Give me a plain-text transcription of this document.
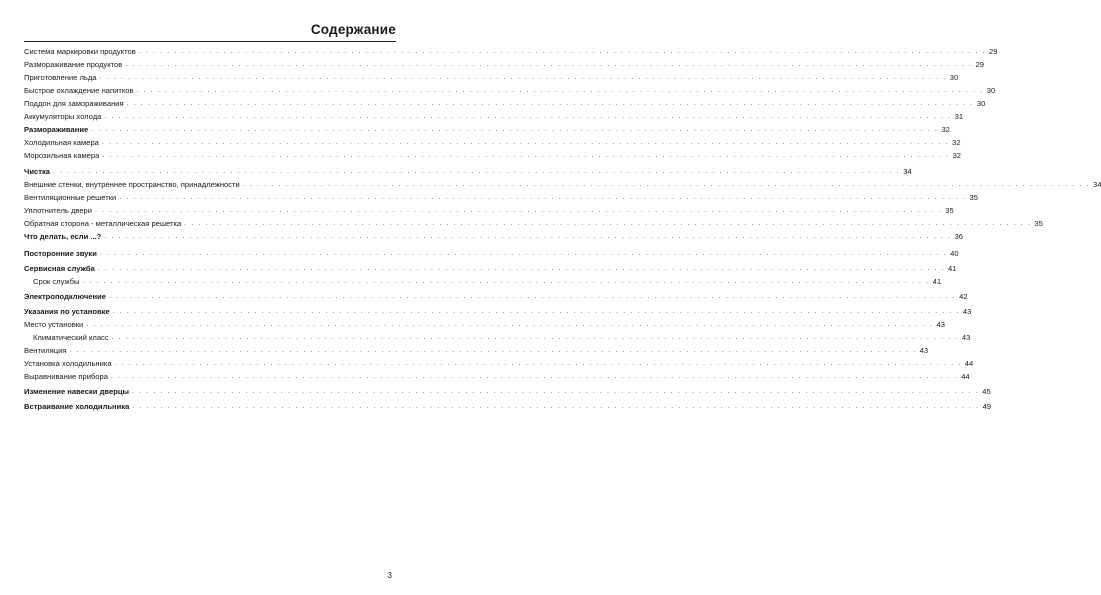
Содержание
Система маркировки продуктов . . . . . . . . . . . . . . . . . . . . . . . . . . . . . . . . . . . . . . . . . . . . . . . . . . . . . . . . . . . . . . . . . . . . . . . . . . . . . . . . . . . . . . . . . . . . . . . . . . . . . . . . . . . . . . . . . . . . . . . . 29
Размораживание продуктов . . . . . . . . . . . . . . . . . . . . . . . . . . . . . . . . . . . . . . . . . . . . . . . . . . . . . . . . . . . . . . . . . . . . . . . . . . . . . . . . . . . . . . . . . . . . . . . . . . . . . . . . . . . . . . . . . . . . . . . . 29
Приготовление льда . . . . . . . . . . . . . . . . . . . . . . . . . . . . . . . . . . . . . . . . . . . . . . . . . . . . . . . . . . . . . . . . . . . . . . . . . . . . . . . . . . . . . . . . . . . . . . . . . . . . . . . . . . . . . . . . . . . . . . . . 30
Быстрое охлаждение напитков . . . . . . . . . . . . . . . . . . . . . . . . . . . . . . . . . . . . . . . . . . . . . . . . . . . . . . . . . . . . . . . . . . . . . . . . . . . . . . . . . . . . . . . . . . . . . . . . . . . . . . . . . . . . . . . . . . . . . . . . 30
Поддон для замораживания . . . . . . . . . . . . . . . . . . . . . . . . . . . . . . . . . . . . . . . . . . . . . . . . . . . . . . . . . . . . . . . . . . . . . . . . . . . . . . . . . . . . . . . . . . . . . . . . . . . . . . . . . . . . . . . . . . . . . . . . 30
Аккумуляторы холода . . . . . . . . . . . . . . . . . . . . . . . . . . . . . . . . . . . . . . . . . . . . . . . . . . . . . . . . . . . . . . . . . . . . . . . . . . . . . . . . . . . . . . . . . . . . . . . . . . . . . . . . . . . . . . . . . . . . . . . . 31
Размораживание . . . . . . . . . . . . . . . . . . . . . . . . . . . . . . . . . . . . . . . . . . . . . . . . . . . . . . . . . . . . . . . . . . . . . . . . . . . . . . . . . . . . . . . . . . . . . . . . . . . . . . . . . . . . . . . . . . . . . . . . 32
Холодильная камера . . . . . . . . . . . . . . . . . . . . . . . . . . . . . . . . . . . . . . . . . . . . . . . . . . . . . . . . . . . . . . . . . . . . . . . . . . . . . . . . . . . . . . . . . . . . . . . . . . . . . . . . . . . . . . . . . . . . . . . . 32
Морозильная камера . . . . . . . . . . . . . . . . . . . . . . . . . . . . . . . . . . . . . . . . . . . . . . . . . . . . . . . . . . . . . . . . . . . . . . . . . . . . . . . . . . . . . . . . . . . . . . . . . . . . . . . . . . . . . . . . . . . . . . . . 32
Чистка . . . . . . . . . . . . . . . . . . . . . . . . . . . . . . . . . . . . . . . . . . . . . . . . . . . . . . . . . . . . . . . . . . . . . . . . . . . . . . . . . . . . . . . . . . . . . . . . . . . . . . . . . . . . . . . . . . . . . . . . 34
Внешние стенки, внутреннее пространство, принадлежности . . . . . . . . . . . . . . . . . . . . . . . . . . . . . . . . . . . . . . . . . . . . . . . . . . . . . . . . . . . . . . . . . . . . . . . . . . . . . . . . . . . . . . . . . . . . . . . . . . . . . . . . . . . . . . . . . . . . . . . . 34
Вентиляционные решетки . . . . . . . . . . . . . . . . . . . . . . . . . . . . . . . . . . . . . . . . . . . . . . . . . . . . . . . . . . . . . . . . . . . . . . . . . . . . . . . . . . . . . . . . . . . . . . . . . . . . . . . . . . . . . . . . . . . . . . . . 35
Уплотнитель двери . . . . . . . . . . . . . . . . . . . . . . . . . . . . . . . . . . . . . . . . . . . . . . . . . . . . . . . . . . . . . . . . . . . . . . . . . . . . . . . . . . . . . . . . . . . . . . . . . . . . . . . . . . . . . . . . . . . . . . . . 35
Обратная сторона - металлическая решетка . . . . . . . . . . . . . . . . . . . . . . . . . . . . . . . . . . . . . . . . . . . . . . . . . . . . . . . . . . . . . . . . . . . . . . . . . . . . . . . . . . . . . . . . . . . . . . . . . . . . . . . . . . . . . . . . . . . . . . . . 35
Что делать, если ...? . . . . . . . . . . . . . . . . . . . . . . . . . . . . . . . . . . . . . . . . . . . . . . . . . . . . . . . . . . . . . . . . . . . . . . . . . . . . . . . . . . . . . . . . . . . . . . . . . . . . . . . . . . . . . . . . . . . . . . . . 36
Посторонние звуки . . . . . . . . . . . . . . . . . . . . . . . . . . . . . . . . . . . . . . . . . . . . . . . . . . . . . . . . . . . . . . . . . . . . . . . . . . . . . . . . . . . . . . . . . . . . . . . . . . . . . . . . . . . . . . . . . . . . . . . . 40
Сервисная служба . . . . . . . . . . . . . . . . . . . . . . . . . . . . . . . . . . . . . . . . . . . . . . . . . . . . . . . . . . . . . . . . . . . . . . . . . . . . . . . . . . . . . . . . . . . . . . . . . . . . . . . . . . . . . . . . . . . . . . . . 41
Срок службы . . . . . . . . . . . . . . . . . . . . . . . . . . . . . . . . . . . . . . . . . . . . . . . . . . . . . . . . . . . . . . . . . . . . . . . . . . . . . . . . . . . . . . . . . . . . . . . . . . . . . . . . . . . . . . . . . . . . . . . . 41
Электроподключение . . . . . . . . . . . . . . . . . . . . . . . . . . . . . . . . . . . . . . . . . . . . . . . . . . . . . . . . . . . . . . . . . . . . . . . . . . . . . . . . . . . . . . . . . . . . . . . . . . . . . . . . . . . . . . . . . . . . . . . . 42
Указания по установке . . . . . . . . . . . . . . . . . . . . . . . . . . . . . . . . . . . . . . . . . . . . . . . . . . . . . . . . . . . . . . . . . . . . . . . . . . . . . . . . . . . . . . . . . . . . . . . . . . . . . . . . . . . . . . . . . . . . . . . . 43
Место установки . . . . . . . . . . . . . . . . . . . . . . . . . . . . . . . . . . . . . . . . . . . . . . . . . . . . . . . . . . . . . . . . . . . . . . . . . . . . . . . . . . . . . . . . . . . . . . . . . . . . . . . . . . . . . . . . . . . . . . . . 43
Климатический класс . . . . . . . . . . . . . . . . . . . . . . . . . . . . . . . . . . . . . . . . . . . . . . . . . . . . . . . . . . . . . . . . . . . . . . . . . . . . . . . . . . . . . . . . . . . . . . . . . . . . . . . . . . . . . . . . . . . . . . . . 43
Вентиляция . . . . . . . . . . . . . . . . . . . . . . . . . . . . . . . . . . . . . . . . . . . . . . . . . . . . . . . . . . . . . . . . . . . . . . . . . . . . . . . . . . . . . . . . . . . . . . . . . . . . . . . . . . . . . . . . . . . . . . . . 43
Установка холодильника . . . . . . . . . . . . . . . . . . . . . . . . . . . . . . . . . . . . . . . . . . . . . . . . . . . . . . . . . . . . . . . . . . . . . . . . . . . . . . . . . . . . . . . . . . . . . . . . . . . . . . . . . . . . . . . . . . . . . . . . 44
Выравнивание прибора . . . . . . . . . . . . . . . . . . . . . . . . . . . . . . . . . . . . . . . . . . . . . . . . . . . . . . . . . . . . . . . . . . . . . . . . . . . . . . . . . . . . . . . . . . . . . . . . . . . . . . . . . . . . . . . . . . . . . . . . 44
Изменение навески дверцы . . . . . . . . . . . . . . . . . . . . . . . . . . . . . . . . . . . . . . . . . . . . . . . . . . . . . . . . . . . . . . . . . . . . . . . . . . . . . . . . . . . . . . . . . . . . . . . . . . . . . . . . . . . . . . . . . . . . . . . . 45
Встраивание холодильника . . . . . . . . . . . . . . . . . . . . . . . . . . . . . . . . . . . . . . . . . . . . . . . . . . . . . . . . . . . . . . . . . . . . . . . . . . . . . . . . . . . . . . . . . . . . . . . . . . . . . . . . . . . . . . . . . . . . . . . . 49
3
